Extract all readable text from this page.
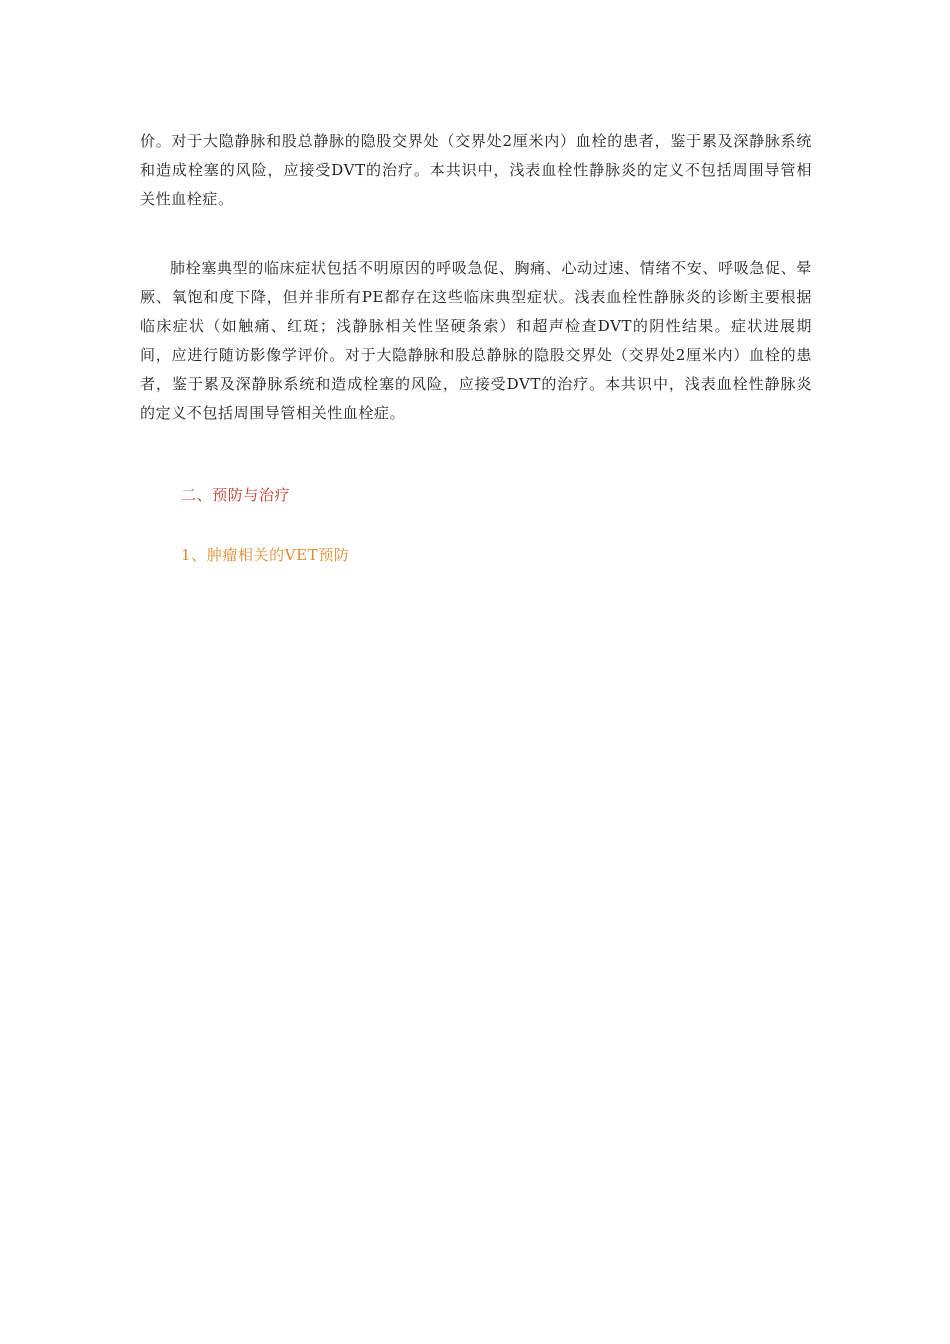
价。对于大隐静脉和股总静脉的隐股交界处（交界处2厘米内）血栓的患者，鉴于累及深静脉系统和造成栓塞的风险，应接受DVT的治疗。本共识中，浅表血栓性静脉炎的定义不包括周围导管相关性血栓症。

肺栓塞典型的临床症状包括不明原因的呼吸急促、胸痛、心动过速、情绪不安、呼吸急促、晕厥、氧饱和度下降，但并非所有PE都存在这些临床典型症状。浅表血栓性静脉炎的诊断主要根据临床症状（如触痛、红斑；浅静脉相关性坚硬条索）和超声检查DVT的阴性结果。症状进展期间，应进行随访影像学评价。对于大隐静脉和股总静脉的隐股交界处（交界处2厘米内）血栓的患者，鉴于累及深静脉系统和造成栓塞的风险，应接受DVT的治疗。本共识中，浅表血栓性静脉炎的定义不包括周围导管相关性血栓症。

二、预防与治疗

1、肿瘤相关的VET预防
